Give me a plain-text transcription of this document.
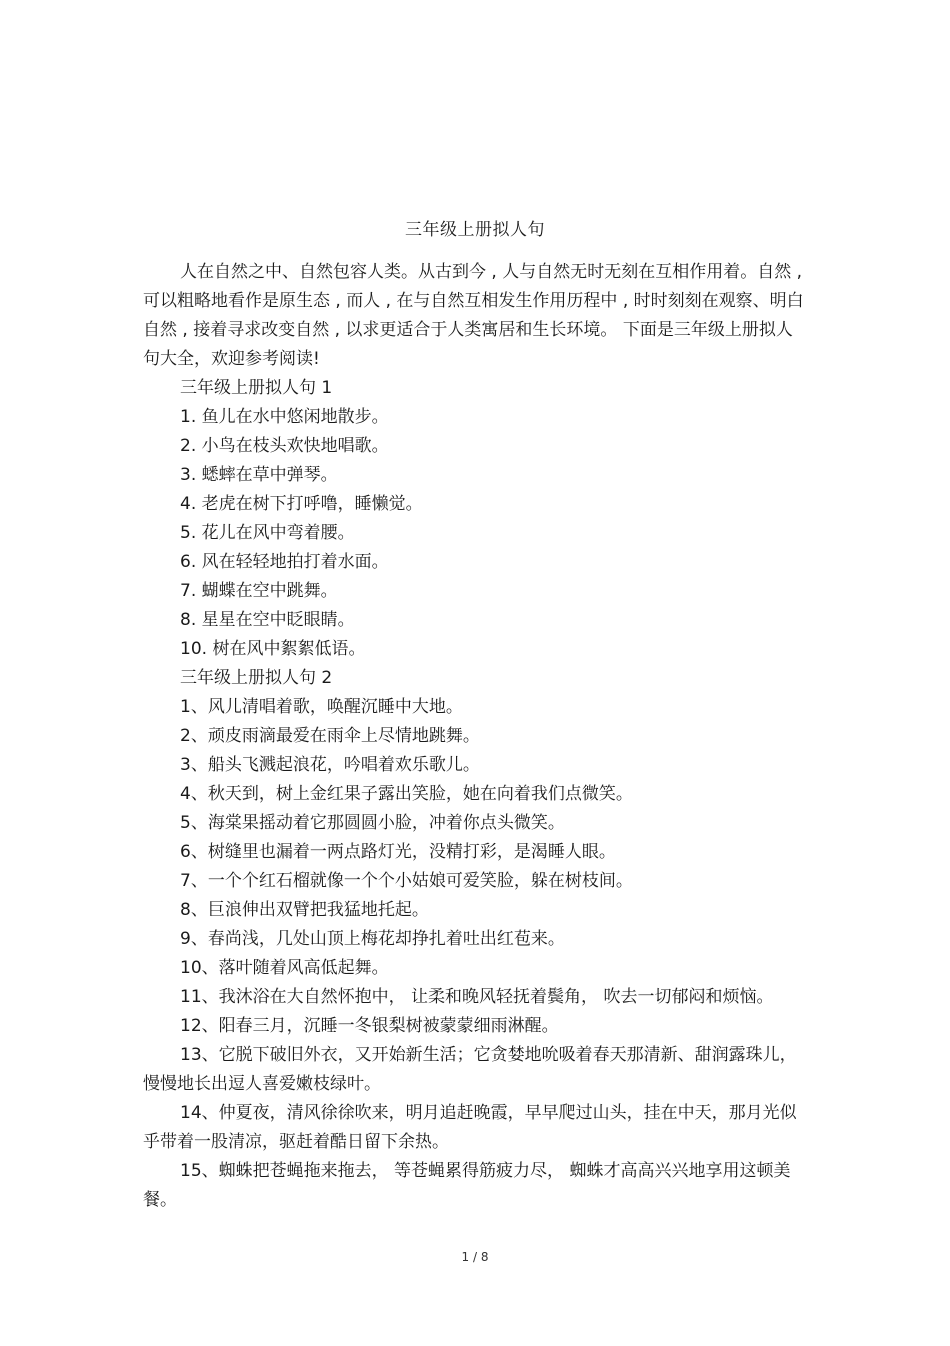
三年级上册拟人句

人在自然之中、自然包容人类。从古到今 , 人与自然无时无刻在互相作用着。自然 , 可以粗略地看作是原生态 , 而人 , 在与自然互相发生作用历程中 , 时时刻刻在观察、明白自然 , 接着寻求改变自然 , 以求更适合于人类寓居和生长环境。 下面是三年级上册拟人句大全，欢迎参考阅读!

三年级上册拟人句 1

1. 鱼儿在水中悠闲地散步。

2. 小鸟在枝头欢快地唱歌。

3. 蟋蟀在草中弹琴。

4. 老虎在树下打呼噜，睡懒觉。

5. 花儿在风中弯着腰。

6. 风在轻轻地拍打着水面。

7. 蝴蝶在空中跳舞。

8. 星星在空中眨眼睛。

10. 树在风中絮絮低语。

三年级上册拟人句 2

1、风儿清唱着歌，唤醒沉睡中大地。

2、顽皮雨滴最爱在雨伞上尽情地跳舞。

3、船头飞溅起浪花，吟唱着欢乐歌儿。

4、秋天到，树上金红果子露出笑脸，她在向着我们点微笑。

5、海棠果摇动着它那圆圆小脸，冲着你点头微笑。

6、树缝里也漏着一两点路灯光，没精打彩，是渴睡人眼。

7、一个个红石榴就像一个个小姑娘可爱笑脸，躲在树枝间。

8、巨浪伸出双臂把我猛地托起。

9、春尚浅，几处山顶上梅花却挣扎着吐出红苞来。

10、落叶随着风高低起舞。

11、我沐浴在大自然怀抱中， 让柔和晚风轻抚着鬓角， 吹去一切郁闷和烦恼。

12、阳春三月，沉睡一冬银梨树被蒙蒙细雨淋醒。

13、它脱下破旧外衣，又开始新生活；它贪婪地吮吸着春天那清新、甜润露珠儿，慢慢地长出逗人喜爱嫩枝绿叶。

14、仲夏夜，清风徐徐吹来，明月追赶晚霞，早早爬过山头，挂在中天，那月光似乎带着一股清凉，驱赶着酷日留下余热。

15、蜘蛛把苍蝇拖来拖去， 等苍蝇累得筋疲力尽， 蜘蛛才高高兴兴地享用这顿美餐。

1 / 8
